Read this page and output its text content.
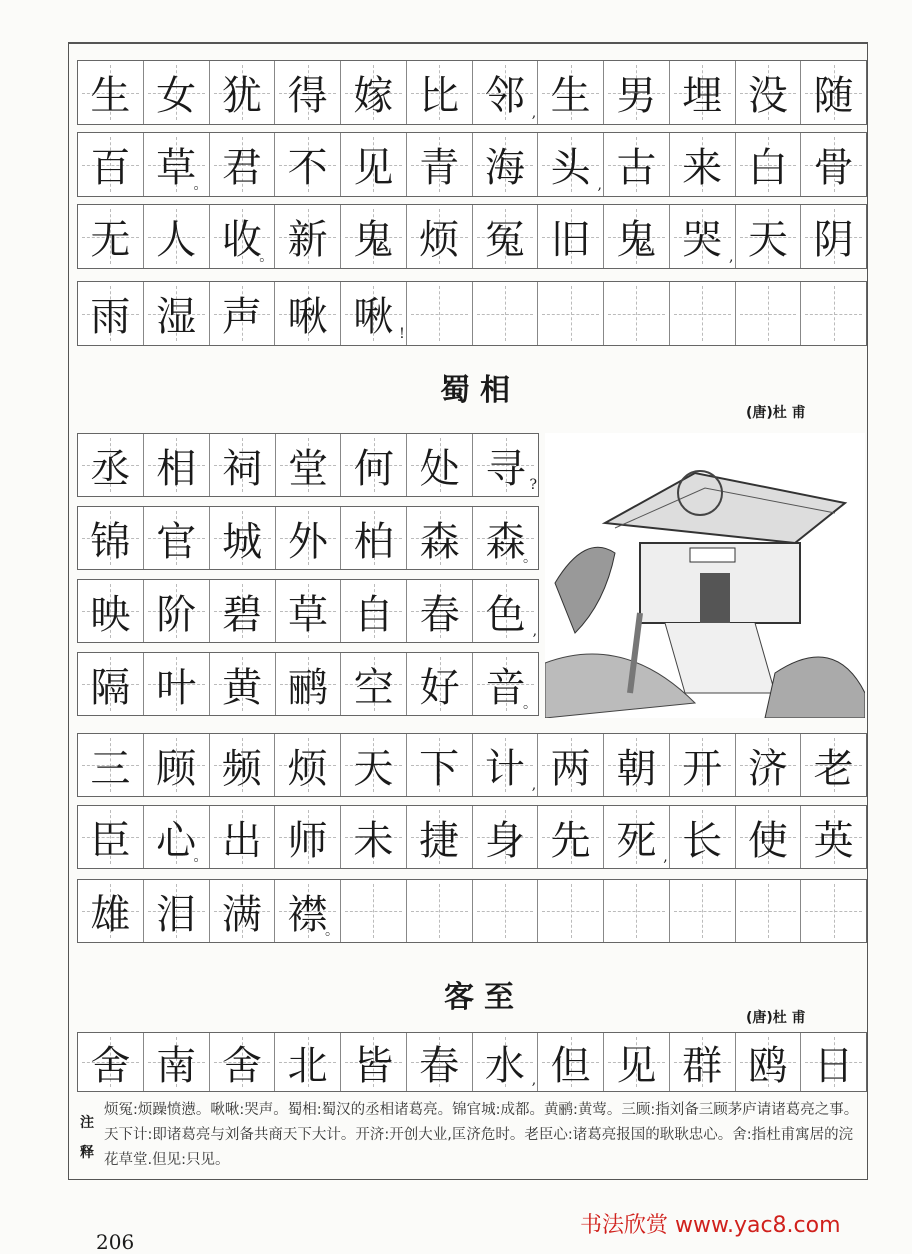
生 女 犹 得 嫁 比 邻 , 生 男 埋 没 随
百 草
。 君 不 见 青 海 头 , 古 来 白 骨
无 人 收
。 新 鬼 烦 冤 旧 鬼 哭 , 天 阴
雨 湿 声 啾 啾 !
丞 相 祠 堂 何 处 寻 ?
锦 官 城 外 柏 森 森
。
映 阶 碧 草 自 春 色 ,
隔 叶 黄 鹂 空 好 音
。
三 顾 频 烦 天 下 计 , 两 朝 开 济 老
臣 心
。 出 师 未 捷 身 先 死 , 长 使 英
雄 泪 满 襟
。
舍 南 舍 北 皆 春 水 , 但 见 群 鸥 日
蜀相
(唐)杜 甫
客至
(唐)杜 甫
注释
烦冤:烦躁愤懑。啾啾:哭声。蜀相:蜀汉的丞相诸葛亮。锦官城:成都。黄鹂:黄莺。三顾:指刘备三顾茅庐请诸葛亮之事。天下计:即诸葛亮与刘备共商天下大计。开济:开创大业,匡济危时。老臣心:诸葛亮报国的耿耿忠心。舍:指杜甫寓居的浣花草堂.但见:只见。
206
书法欣赏 www.yac8.com
